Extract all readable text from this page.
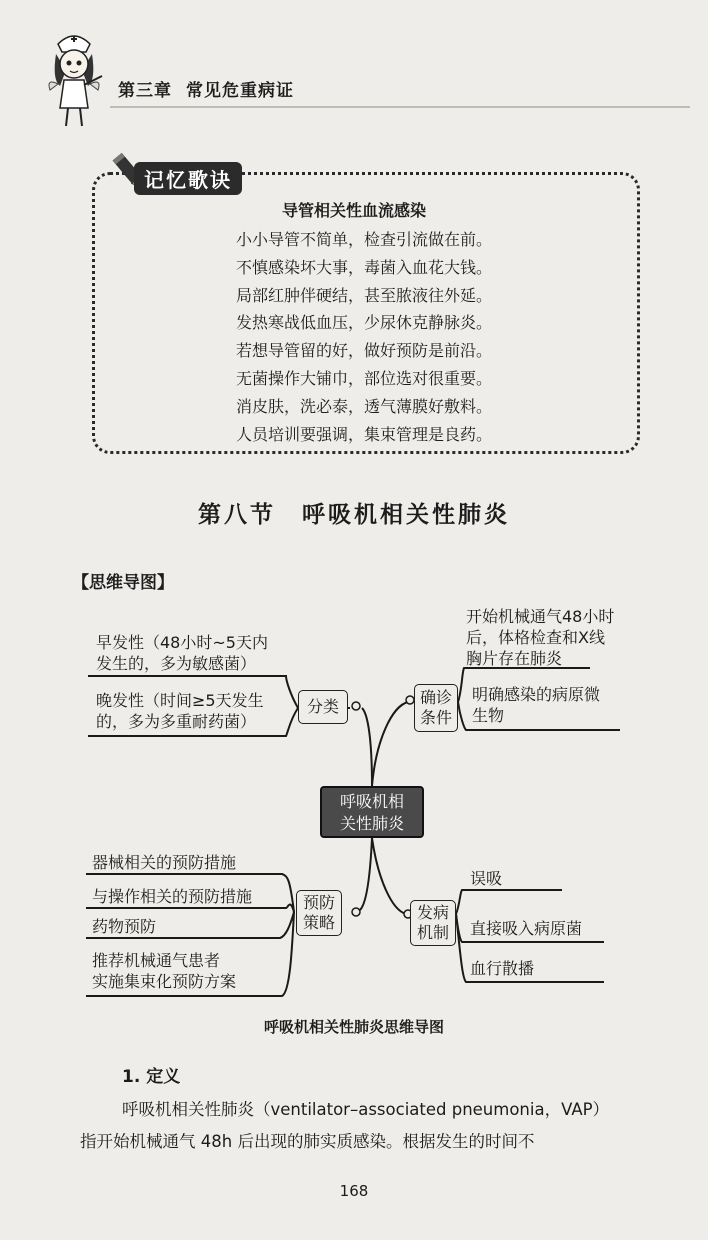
第三章 常见危重病证
记忆歌诀
导管相关性血流感染
小小导管不简单，检查引流做在前。
不慎感染坏大事，毒菌入血花大钱。
局部红肿伴硬结，甚至脓液往外延。
发热寒战低血压，少尿休克静脉炎。
若想导管留的好，做好预防是前沿。
无菌操作大铺巾，部位选对很重要。
消皮肤，洗必泰，透气薄膜好敷料。
人员培训要强调，集束管理是良药。
第八节 呼吸机相关性肺炎
【思维导图】
呼吸机相
关性肺炎
分类
早发性（48小时~5天内
发生的，多为敏感菌）
晚发性（时间≥5天发生
的，多为多重耐药菌）
确诊
条件
开始机械通气48小时
后，体格检查和X线
胸片存在肺炎
明确感染的病原微
生物
预防
策略
器械相关的预防措施
与操作相关的预防措施
药物预防
推荐机械通气患者
实施集束化预防方案
发病
机制
误吸
直接吸入病原菌
血行散播
呼吸机相关性肺炎思维导图
1. 定义
呼吸机相关性肺炎（ventilator–associated pneumonia，VAP）
指开始机械通气 48h 后出现的肺实质感染。根据发生的时间不
168
